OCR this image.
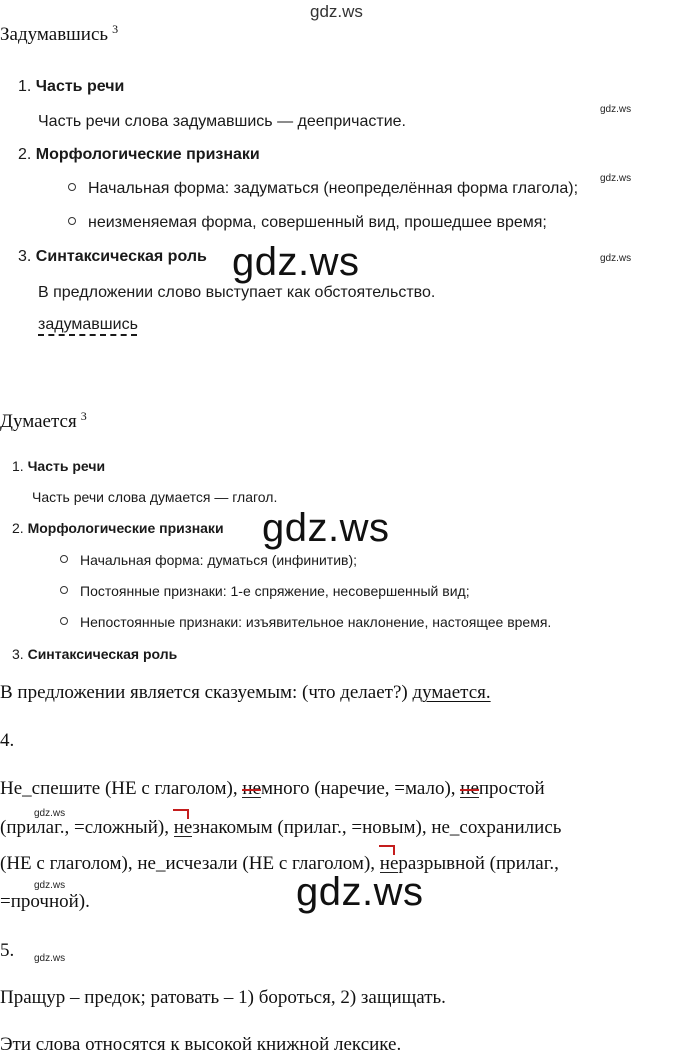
gdz.ws
gdz.ws
gdz.ws
gdz.ws
gdz.ws
gdz.ws
gdz.ws
gdz.ws	gdz.ws
gdz.ws
Задумавшись $^3$
1. Часть речи
Часть речи слова задумавшись — деепричастие.
2. Морфологические признаки
Начальная форма: задуматься (неопределённая форма глагола);
неизменяемая форма, совершенный вид, прошедшее время;
3. Синтаксическая роль
В предложении слово выступает как обстоятельство.
задумавшись
Думается $^3$
1. Часть речи
Часть речи слова думается — глагол.
2. Морфологические признаки
Начальная форма: думаться (инфинитив);
Постоянные признаки: 1-е спряжение, несовершенный вид;
Непостоянные признаки: изъявительное наклонение, настоящее время.
3. Синтаксическая роль
В предложении является сказуемым: (что делает?) думается.
4.
Не_спешите (НЕ с глаголом), немного (наречие, =мало), непростой
(прилаг., =сложный), незнакомым (прилаг., =новым), не_сохранились
(НЕ с глаголом), не_исчезали (НЕ с глаголом), неразрывной (прилаг.,
=прочной).
5.
Пращур – предок; ратовать – 1) бороться, 2) защищать.
Эти слова относятся к высокой книжной лексике.
